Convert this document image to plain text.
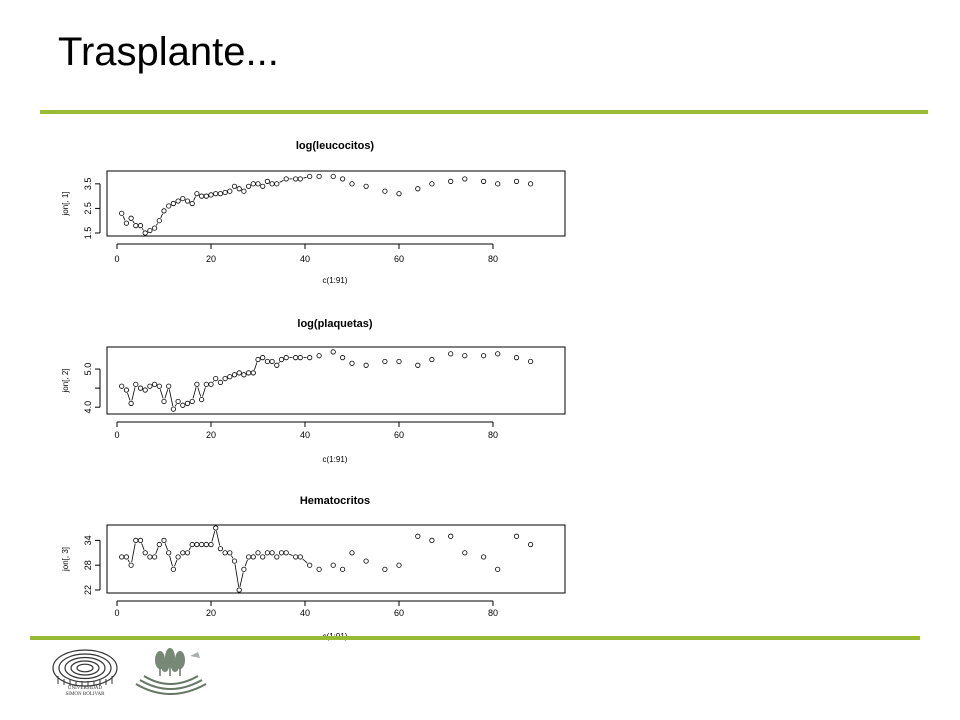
Trasplante...
log(leucocitos)
c(1:91)
jon[, 1]
0	20	40	60	80
1.5
2.5
3.5
log(plaquetas)
c(1:91)
jon[, 2]
0	20	40	60	80
4.0
5.0
Hematocritos
jon[, 3]
0	20	40	60	80
22
28
34
UNIVERSIDAD
SIMON BOLIVAR
